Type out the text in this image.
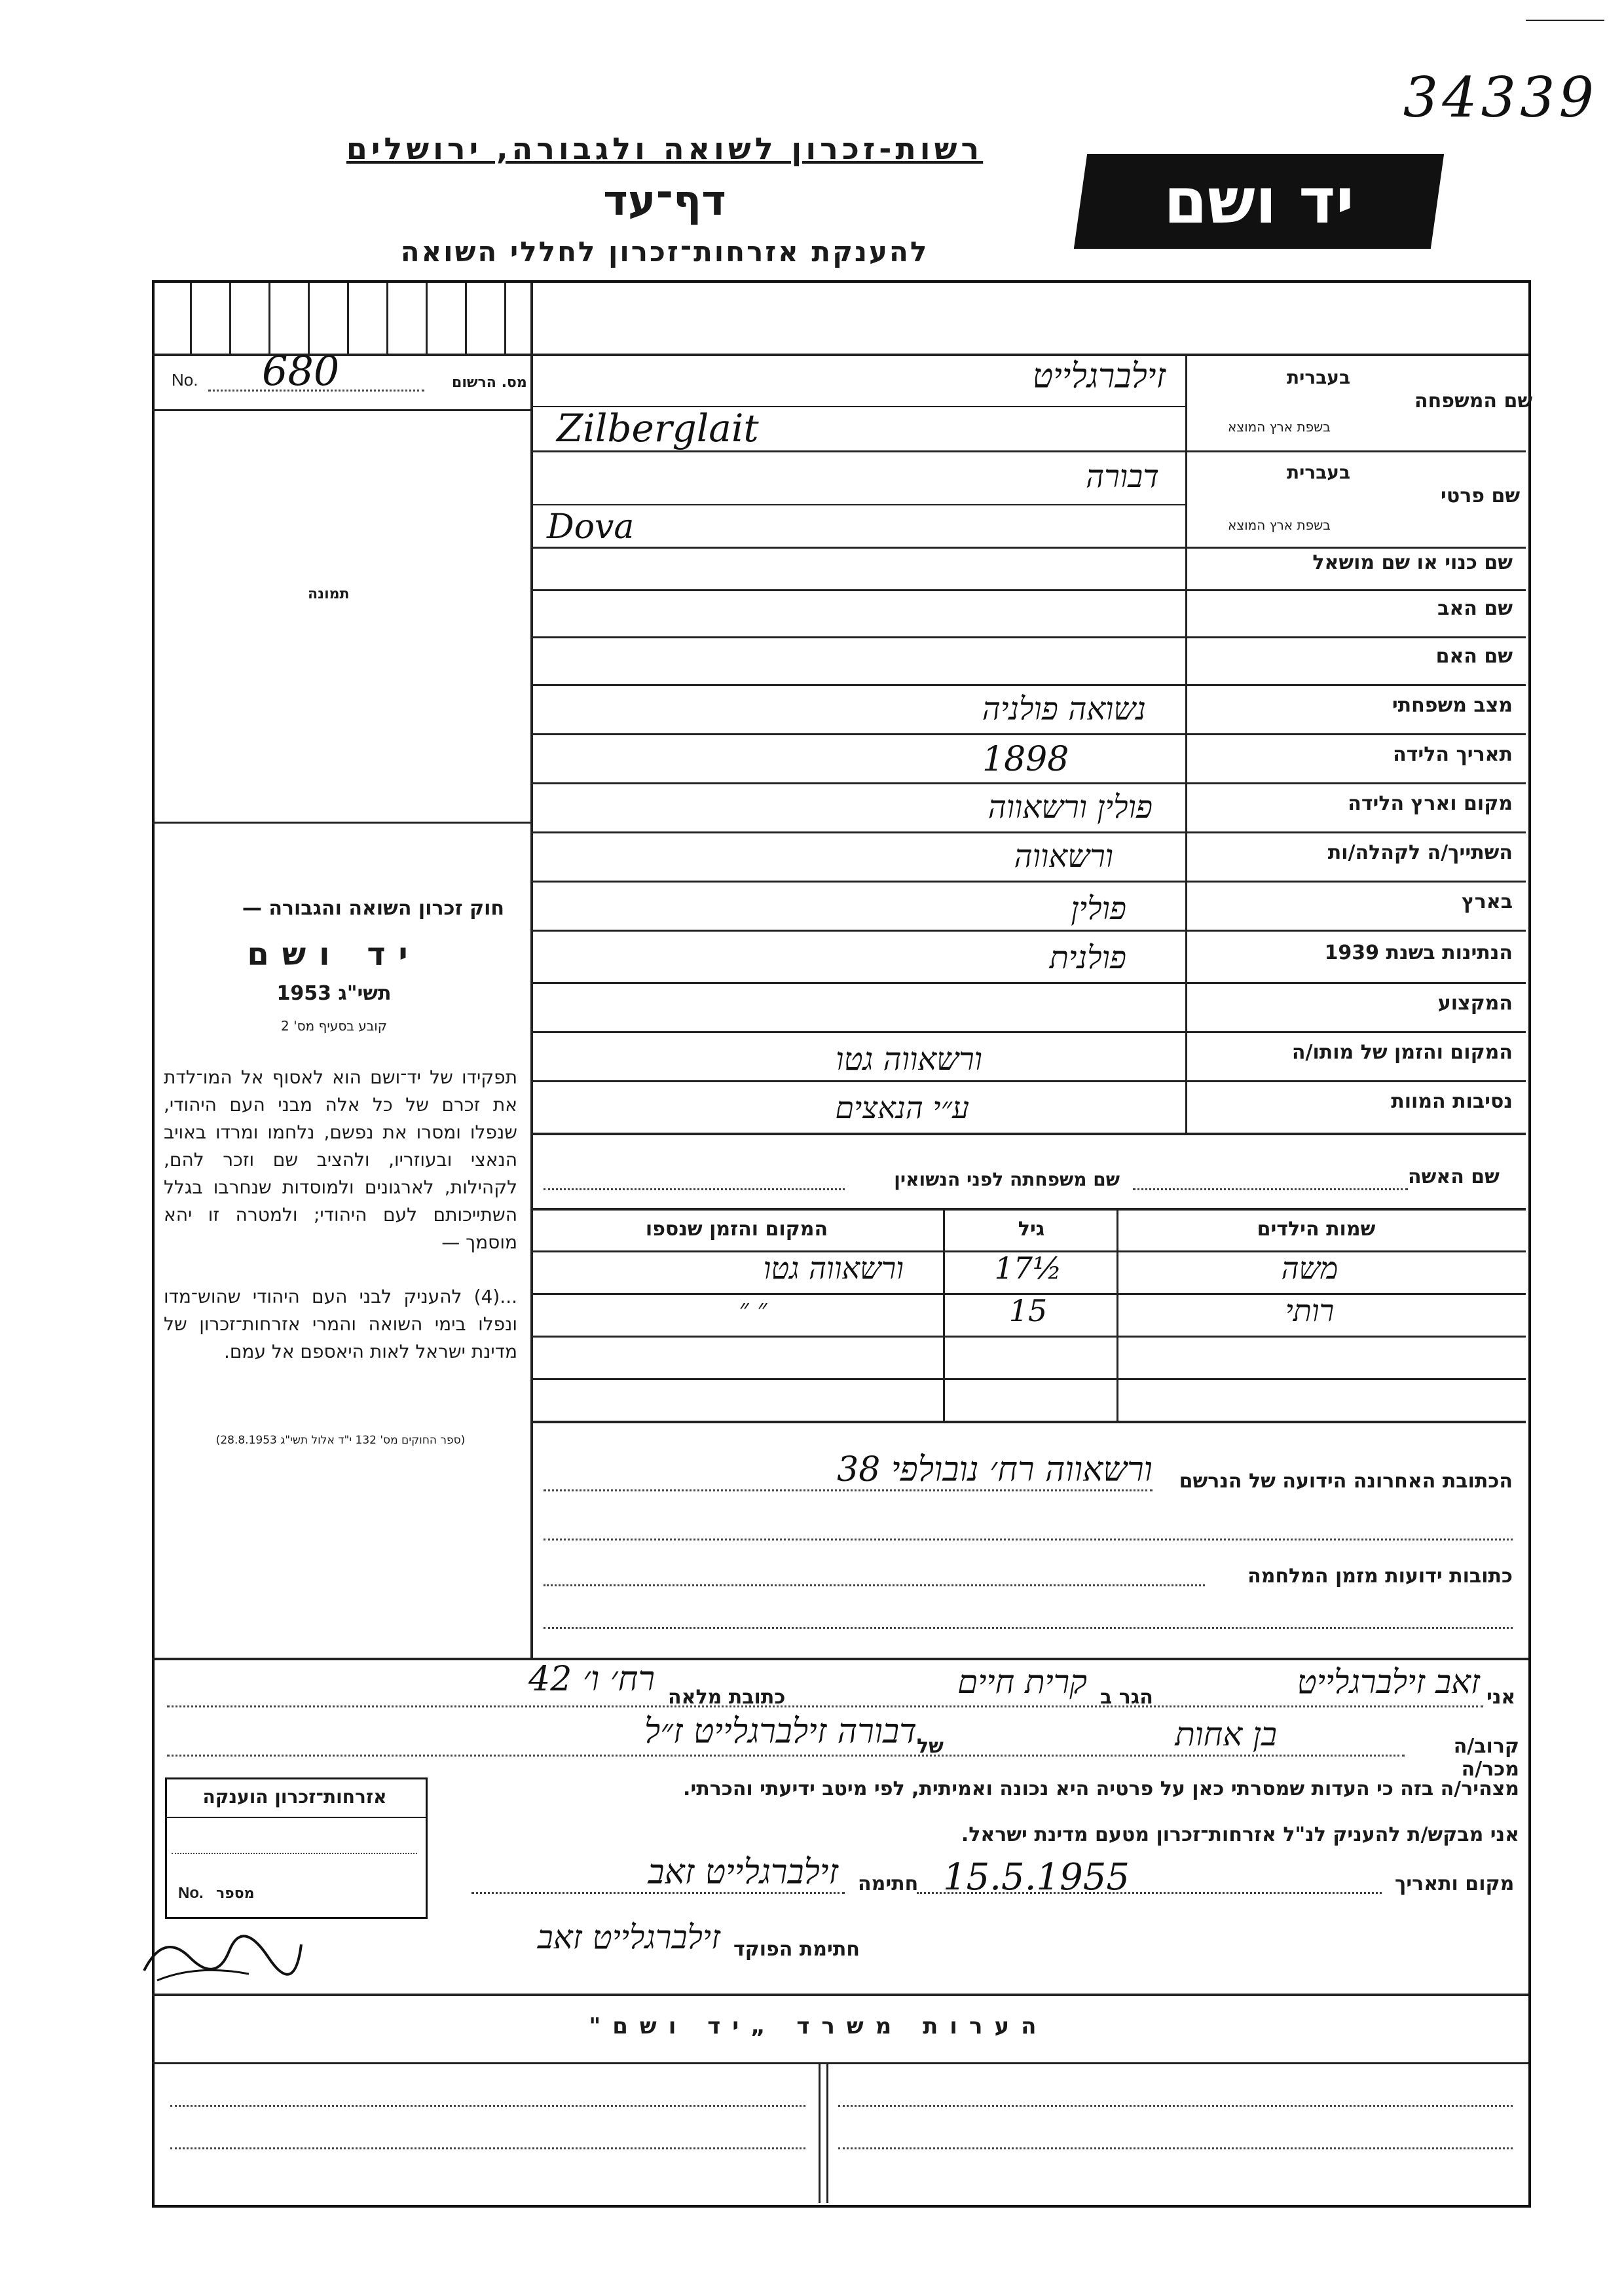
34339
רשות-זכרון לשואה ולגבורה, ירושלים
דף־עד
להענקת אזרחות־זכרון לחללי השואה
יד ושם
No. 680	מס. הרשום
תמונה
חוק זכרון השואה והגבורה —
יד ושם
תשי"ג 1953
קובע בסעיף מס' 2
תפקידו של יד־ושם הוא לאסוף אל המו־לדת את זכרם של כל אלה מבני העם היהודי, שנפלו ומסרו את נפשם, נלחמו ומרדו באויב הנאצי ובעוזריו, ולהציב שם וזכר להם, לקהילות, לארגונים ולמוסדות שנחרבו בגלל השתייכותם לעם היהודי; ולמטרה זו יהא מוסמך —
...(4) להעניק לבני העם היהודי שהוש־מדו ונפלו בימי השואה והמרי אזרחות־זכרון של מדינת ישראל לאות היאספם אל עמם.
(ספר החוקים מס' 132 י"ד אלול תשי"ג 28.8.1953)
שם המשפחה
בעברית
בשפת ארץ המוצא
זילברגלייט
Zilberglait
שם פרטי
בעברית
בשפת ארץ המוצא
דבורה
Dova
שם כנוי או שם מושאל
שם האב
שם האם
מצב משפחתי
נשואה פולניה
תאריך הלידה
1898
מקום וארץ הלידה
פולין ורשאווה
השתייך/ה לקהלה/ות
ורשאווה
בארץ
פולין
הנתינות בשנת 1939
פולנית
המקצוע
המקום והזמן של מותו/ה
ורשאווה גטו
נסיבות המוות
ע״י הנאצים
שם האשה
שם משפחתה לפני הנשואין
שמות הילדים
גיל
המקום והזמן שנספו
משה
17½
ורשאווה גטו
רותי
15
״ ״
הכתובת האחרונה הידועה של הנרשם
ורשאווה רח׳ נובולפי 38
כתובות ידועות מזמן המלחמה
אני
זאב זילברגלייט
הגר ב
קרית חיים
כתובת מלאה
רח׳ ו׳ 42
קרוב/ה מכר/ה
בן אחות
של
דבורה זילברגלייט ז״ל
מצהיר/ה בזה כי העדות שמסרתי כאן על פרטיה היא נכונה ואמיתית, לפי מיטב ידיעתי והכרתי.
אני מבקש/ת להעניק לנ"ל אזרחות־זכרון מטעם מדינת ישראל.
אזרחות־זכרון הוענקה
No. מספר	מקום ותאריך
15.5.1955
חתימה
זילברגלייט זאב
חתימת הפוקד
זילברגלייט זאב
הערות משרד „יד ושם"
